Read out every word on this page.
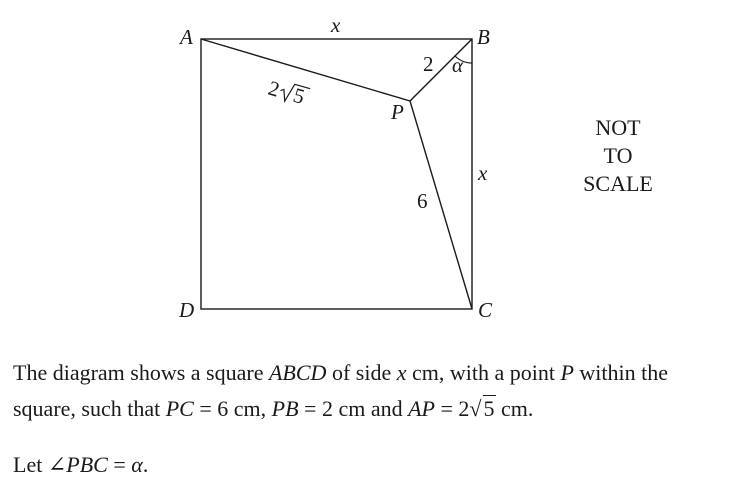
A	B
C
D
P
x
x
2 α
6
2 5
NOT
TO
SCALE
The diagram shows a square ABCD of side x cm, with a point P within the
square, such that PC = 6 cm, PB = 2 cm and AP = 2√5 cm.
Let ∠PBC = α.
